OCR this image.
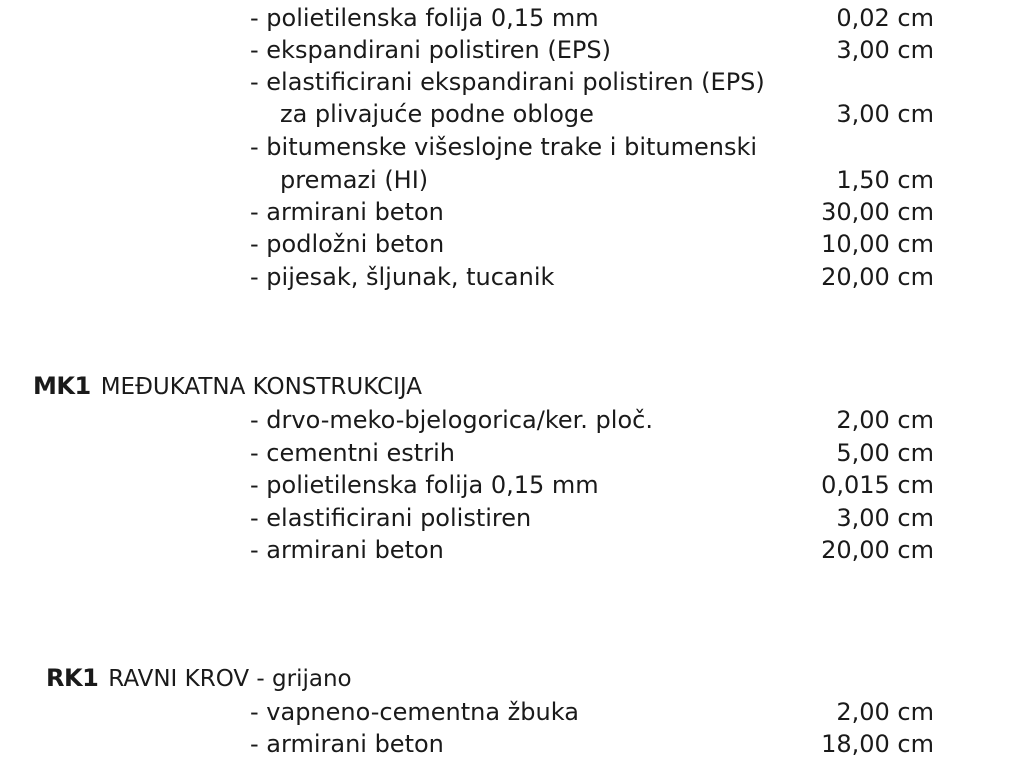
- polietilenska folija 0,15 mm	0,02 cm
- ekspandirani polistiren (EPS)	3,00 cm
- elastificirani ekspandirani polistiren (EPS)
za plivajuće podne obloge	3,00 cm
- bitumenske višeslojne trake i bitumenski
premazi (HI)	1,50 cm
- armirani beton	30,00 cm
- podložni beton	10,00 cm
- pijesak, šljunak, tucanik	20,00 cm
MK1 MEĐUKATNA KONSTRUKCIJA
- drvo-meko-bjelogorica/ker. ploč.	2,00 cm
- cementni estrih	5,00 cm
- polietilenska folija 0,15 mm	0,015 cm
- elastificirani polistiren	3,00 cm
- armirani beton	20,00 cm
RK1 RAVNI KROV - grijano
- vapneno-cementna žbuka	2,00 cm
- armirani beton	18,00 cm
